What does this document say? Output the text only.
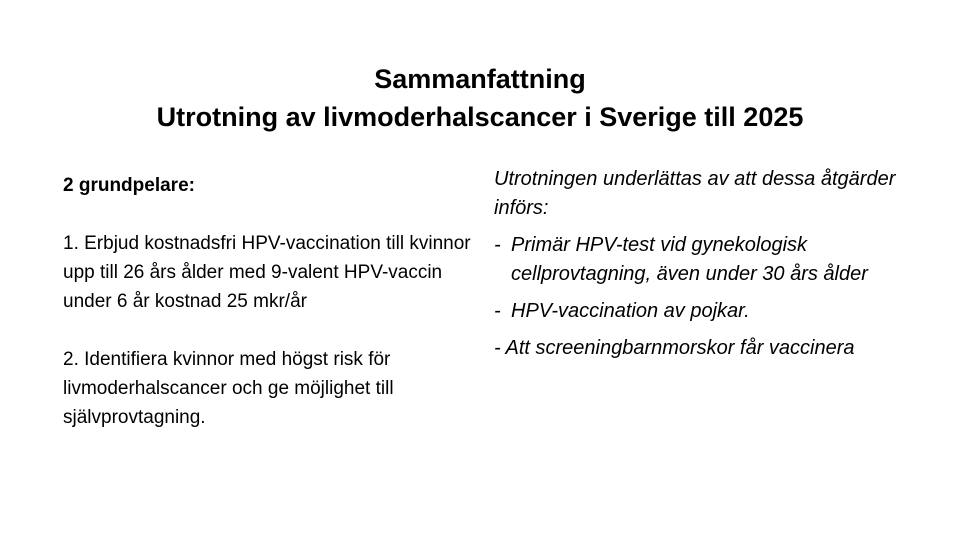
Sammanfattning
Utrotning av livmoderhalscancer i Sverige till 2025
2 grundpelare:
1. Erbjud kostnadsfri HPV-vaccination till kvinnor upp till 26 års ålder med 9-valent HPV-vaccin under 6 år kostnad 25 mkr/år
2. Identifiera kvinnor med högst risk för livmoderhalscancer och ge möjlighet till självprovtagning.
Utrotningen underlättas av att dessa åtgärder införs:
- Primär HPV-test vid gynekologisk cellprovtagning, även under 30 års ålder
- HPV-vaccination av pojkar.
- Att screeningbarnmorskor får vaccinera
